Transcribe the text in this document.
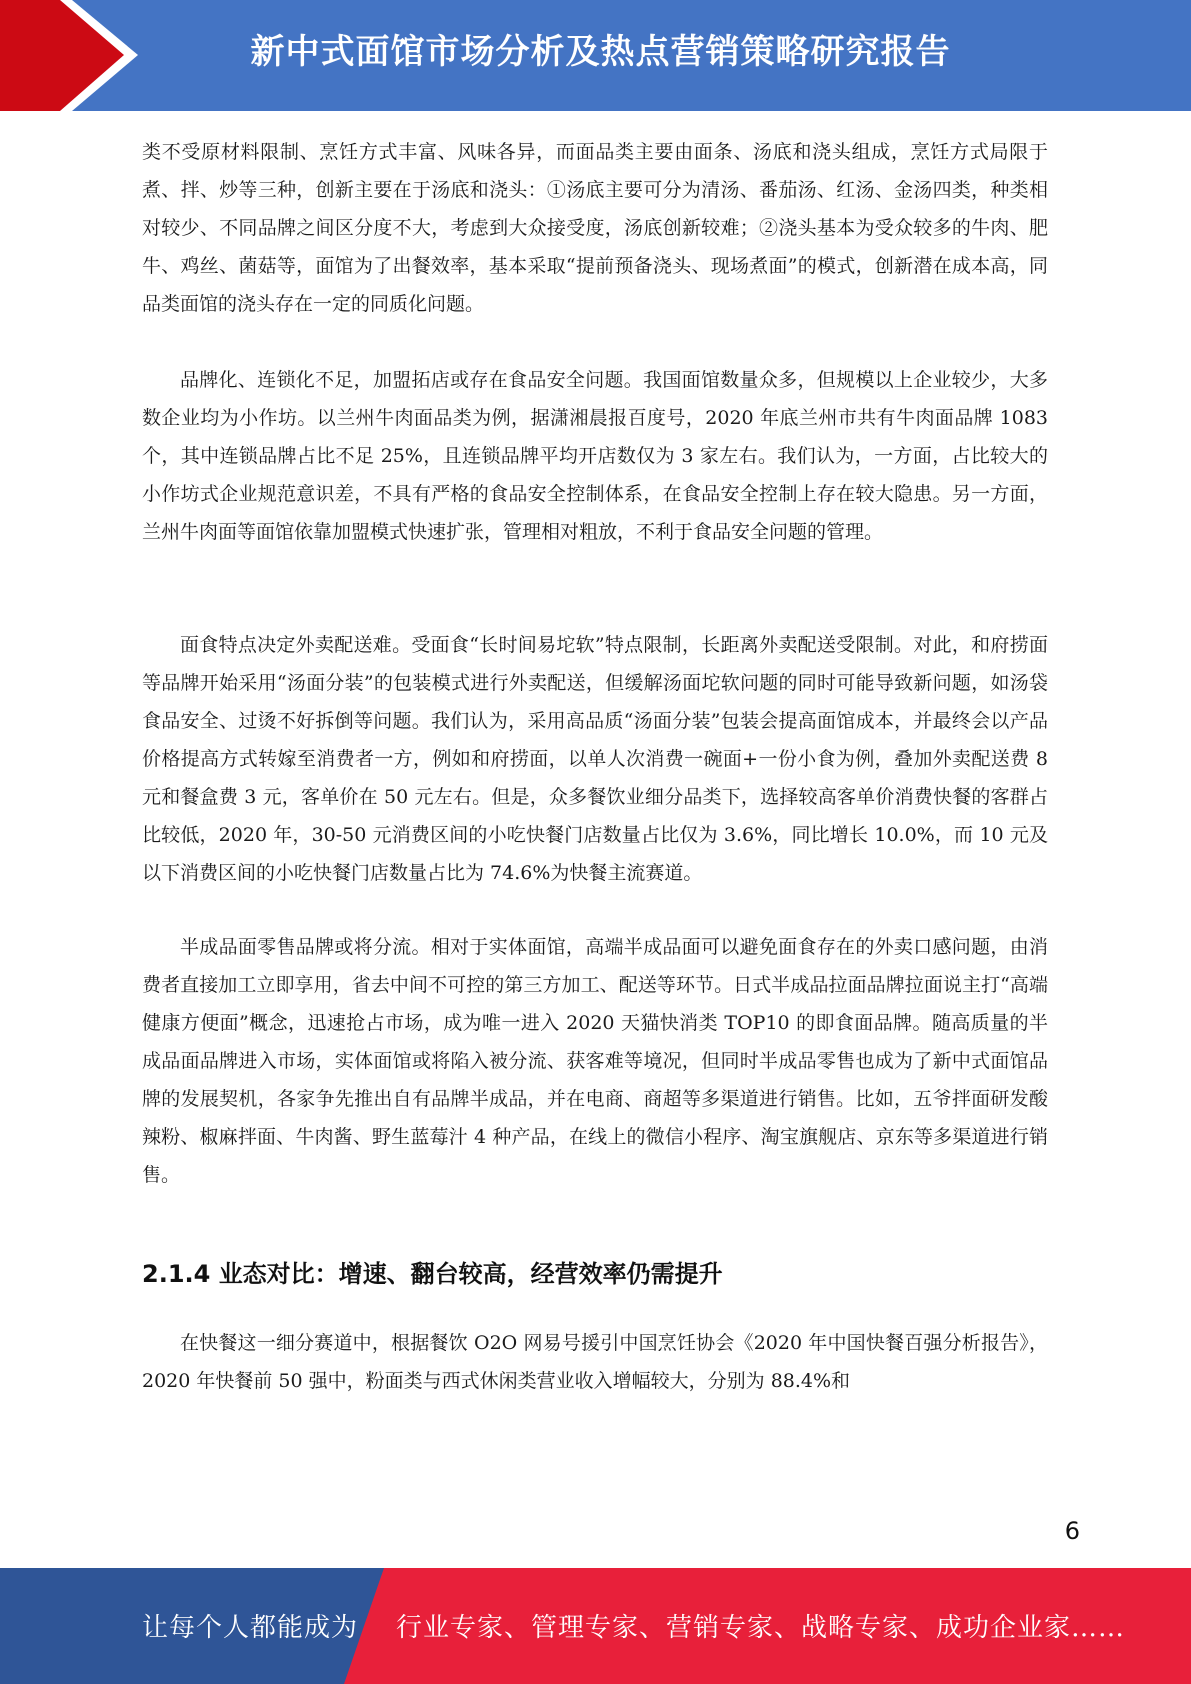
新中式面馆市场分析及热点营销策略研究报告

类不受原材料限制、烹饪方式丰富、风味各异，而面品类主要由面条、汤底和浇头组成，烹饪方式局限于煮、拌、炒等三种，创新主要在于汤底和浇头：①汤底主要可分为清汤、番茄汤、红汤、金汤四类，种类相对较少、不同品牌之间区分度不大，考虑到大众接受度，汤底创新较难；②浇头基本为受众较多的牛肉、肥牛、鸡丝、菌菇等，面馆为了出餐效率，基本采取“提前预备浇头、现场煮面”的模式，创新潜在成本高，同品类面馆的浇头存在一定的同质化问题。

品牌化、连锁化不足，加盟拓店或存在食品安全问题。我国面馆数量众多，但规模以上企业较少，大多数企业均为小作坊。以兰州牛肉面品类为例，据潇湘晨报百度号，2020 年底兰州市共有牛肉面品牌 1083 个，其中连锁品牌占比不足 25%，且连锁品牌平均开店数仅为 3 家左右。我们认为，一方面，占比较大的小作坊式企业规范意识差，不具有严格的食品安全控制体系，在食品安全控制上存在较大隐患。另一方面，兰州牛肉面等面馆依靠加盟模式快速扩张，管理相对粗放，不利于食品安全问题的管理。

面食特点决定外卖配送难。受面食“长时间易坨软”特点限制，长距离外卖配送受限制。对此，和府捞面等品牌开始采用“汤面分装”的包装模式进行外卖配送，但缓解汤面坨软问题的同时可能导致新问题，如汤袋食品安全、过烫不好拆倒等问题。我们认为，采用高品质“汤面分装”包装会提高面馆成本，并最终会以产品价格提高方式转嫁至消费者一方，例如和府捞面，以单人次消费一碗面+一份小食为例，叠加外卖配送费 8 元和餐盒费 3 元，客单价在 50 元左右。但是，众多餐饮业细分品类下，选择较高客单价消费快餐的客群占比较低，2020 年，30-50 元消费区间的小吃快餐门店数量占比仅为 3.6%，同比增长 10.0%，而 10 元及以下消费区间的小吃快餐门店数量占比为 74.6%为快餐主流赛道。

半成品面零售品牌或将分流。相对于实体面馆，高端半成品面可以避免面食存在的外卖口感问题，由消费者直接加工立即享用，省去中间不可控的第三方加工、配送等环节。日式半成品拉面品牌拉面说主打“高端健康方便面”概念，迅速抢占市场，成为唯一进入 2020 天猫快消类 TOP10 的即食面品牌。随高质量的半成品面品牌进入市场，实体面馆或将陷入被分流、获客难等境况，但同时半成品零售也成为了新中式面馆品牌的发展契机，各家争先推出自有品牌半成品，并在电商、商超等多渠道进行销售。比如，五爷拌面研发酸辣粉、椒麻拌面、牛肉酱、野生蓝莓汁 4 种产品，在线上的微信小程序、淘宝旗舰店、京东等多渠道进行销售。

2.1.4 业态对比：增速、翻台较高，经营效率仍需提升

在快餐这一细分赛道中，根据餐饮 O2O 网易号援引中国烹饪协会《2020 年中国快餐百强分析报告》，2020 年快餐前 50 强中，粉面类与西式休闲类营业收入增幅较大，分别为 88.4%和

6
让每个人都能成为 行业专家、管理专家、营销专家、战略专家、成功企业家……
